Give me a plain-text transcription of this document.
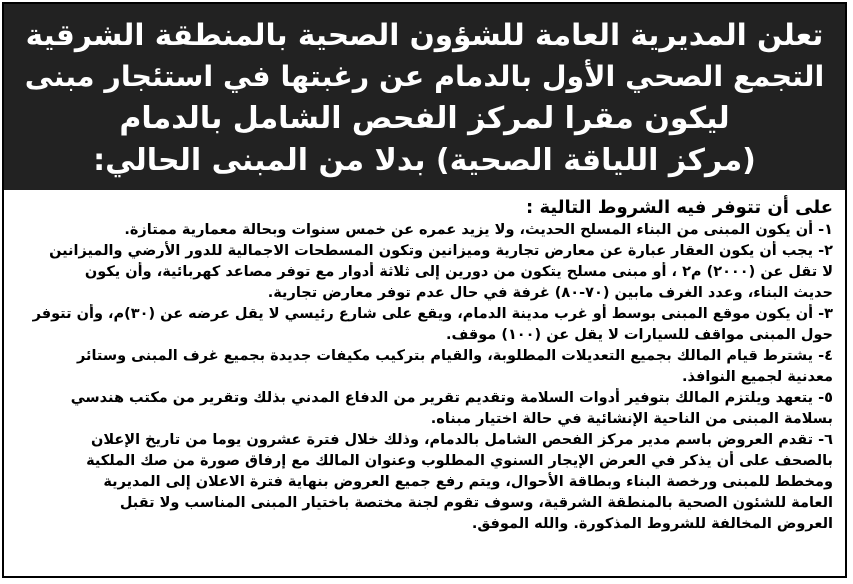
تعلن المديرية العامة للشؤون الصحية بالمنطقة الشرقية
التجمع الصحي الأول بالدمام عن رغبتها في استئجار مبنى
ليكون مقرا لمركز الفحص الشامل بالدمام
(مركز اللياقة الصحية) بدلا من المبنى الحالي:
على أن تتوفر فيه الشروط التالية :
١- أن يكون المبنى من البناء المسلح الحديث، ولا يزيد عمره عن خمس سنوات وبحالة معمارية ممتازة.
٢- يجب أن يكون العقار عبارة عن معارض تجارية وميزانين وتكون المسطحات الاجمالية للدور الأرضي والميزانين
لا تقل عن (٢٠٠٠) م٢ ، أو مبنى مسلح يتكون من دورين إلى ثلاثة أدوار مع توفر مصاعد كهربائية، وأن يكون
حديث البناء، وعدد الغرف مابين (٧٠-٨٠) غرفة في حال عدم توفر معارض تجارية.
٣- أن يكون موقع المبنى بوسط أو غرب مدينة الدمام، ويقع على شارع رئيسي لا يقل عرضه عن (٣٠)م، وأن تتوفر
حول المبنى مواقف للسيارات لا يقل عن (١٠٠) موقف.
٤- يشترط قيام المالك بجميع التعديلات المطلوبة، والقيام بتركيب مكيفات جديدة بجميع غرف المبنى وستائر
معدنية لجميع النوافذ.
٥- يتعهد ويلتزم المالك بتوفير أدوات السلامة وتقديم تقرير من الدفاع المدني بذلك وتقرير من مكتب هندسي
بسلامة المبنى من الناحية الإنشائية في حالة اختيار مبناه.
٦- تقدم العروض باسم مدير مركز الفحص الشامل بالدمام، وذلك خلال فترة عشرون يوما من تاريخ الإعلان
بالصحف على أن يذكر في العرض الإيجار السنوي المطلوب وعنوان المالك مع إرفاق صورة من صك الملكية
ومخطط للمبنى ورخصة البناء وبطاقة الأحوال، ويتم رفع جميع العروض بنهاية فترة الاعلان إلى المديرية
العامة للشئون الصحية بالمنطقة الشرقية، وسوف تقوم لجنة مختصة باختيار المبنى المناسب ولا تقبل
العروض المخالفة للشروط المذكورة. والله الموفق.
